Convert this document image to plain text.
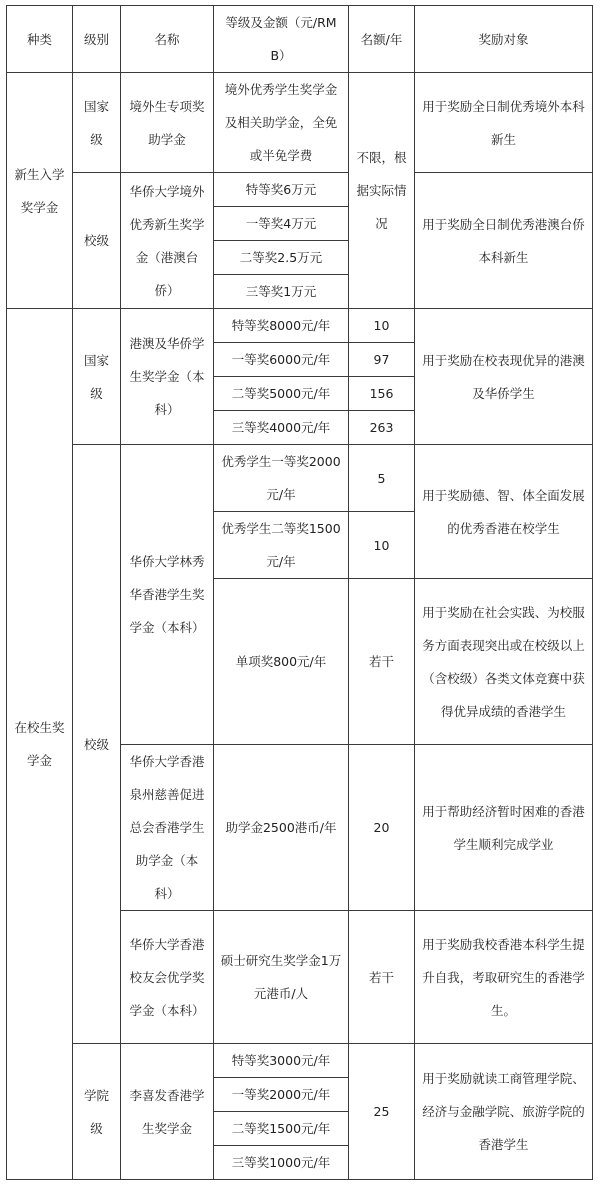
种类	级别	名称	等级及金额（元/RMB）	名额/年	奖励对象
新生入学奖学金	国家级	境外生专项奖助学金	境外优秀学生奖学金及相关助学金，全免或半免学费	不限，根据实际情况	用于奖励全日制优秀境外本科新生
	校级	华侨大学境外优秀新生奖学金（港澳台侨）	特等奖6万元		用于奖励全日制优秀港澳台侨本科新生
			一等奖4万元		
			二等奖2.5万元		
			三等奖1万元		
在校生奖学金	国家级	港澳及华侨学生奖学金（本科）	特等奖8000元/年	10	用于奖励在校表现优异的港澳及华侨学生
			一等奖6000元/年	97	
			二等奖5000元/年	156	
			三等奖4000元/年	263	
	校级	华侨大学林秀华香港学生奖学金（本科）	优秀学生一等奖2000元/年	5	用于奖励德、智、体全面发展的优秀香港在校学生
			优秀学生二等奖1500元/年	10	
			单项奖800元/年	若干	用于奖励在社会实践、为校服务方面表现突出或在校级以上（含校级）各类文体竞赛中获得优异成绩的香港学生
		华侨大学香港泉州慈善促进总会香港学生助学金（本科）	助学金2500港币/年	20	用于帮助经济暂时困难的香港学生顺利完成学业
		华侨大学香港校友会优学奖学金（本科）	硕士研究生奖学金1万元港币/人	若干	用于奖励我校香港本科学生提升自我，考取研究生的香港学生。
	学院级	李喜发香港学生奖学金	特等奖3000元/年	25	用于奖励就读工商管理学院、经济与金融学院、旅游学院的香港学生
			一等奖2000元/年		
			二等奖1500元/年		
			三等奖1000元/年		
